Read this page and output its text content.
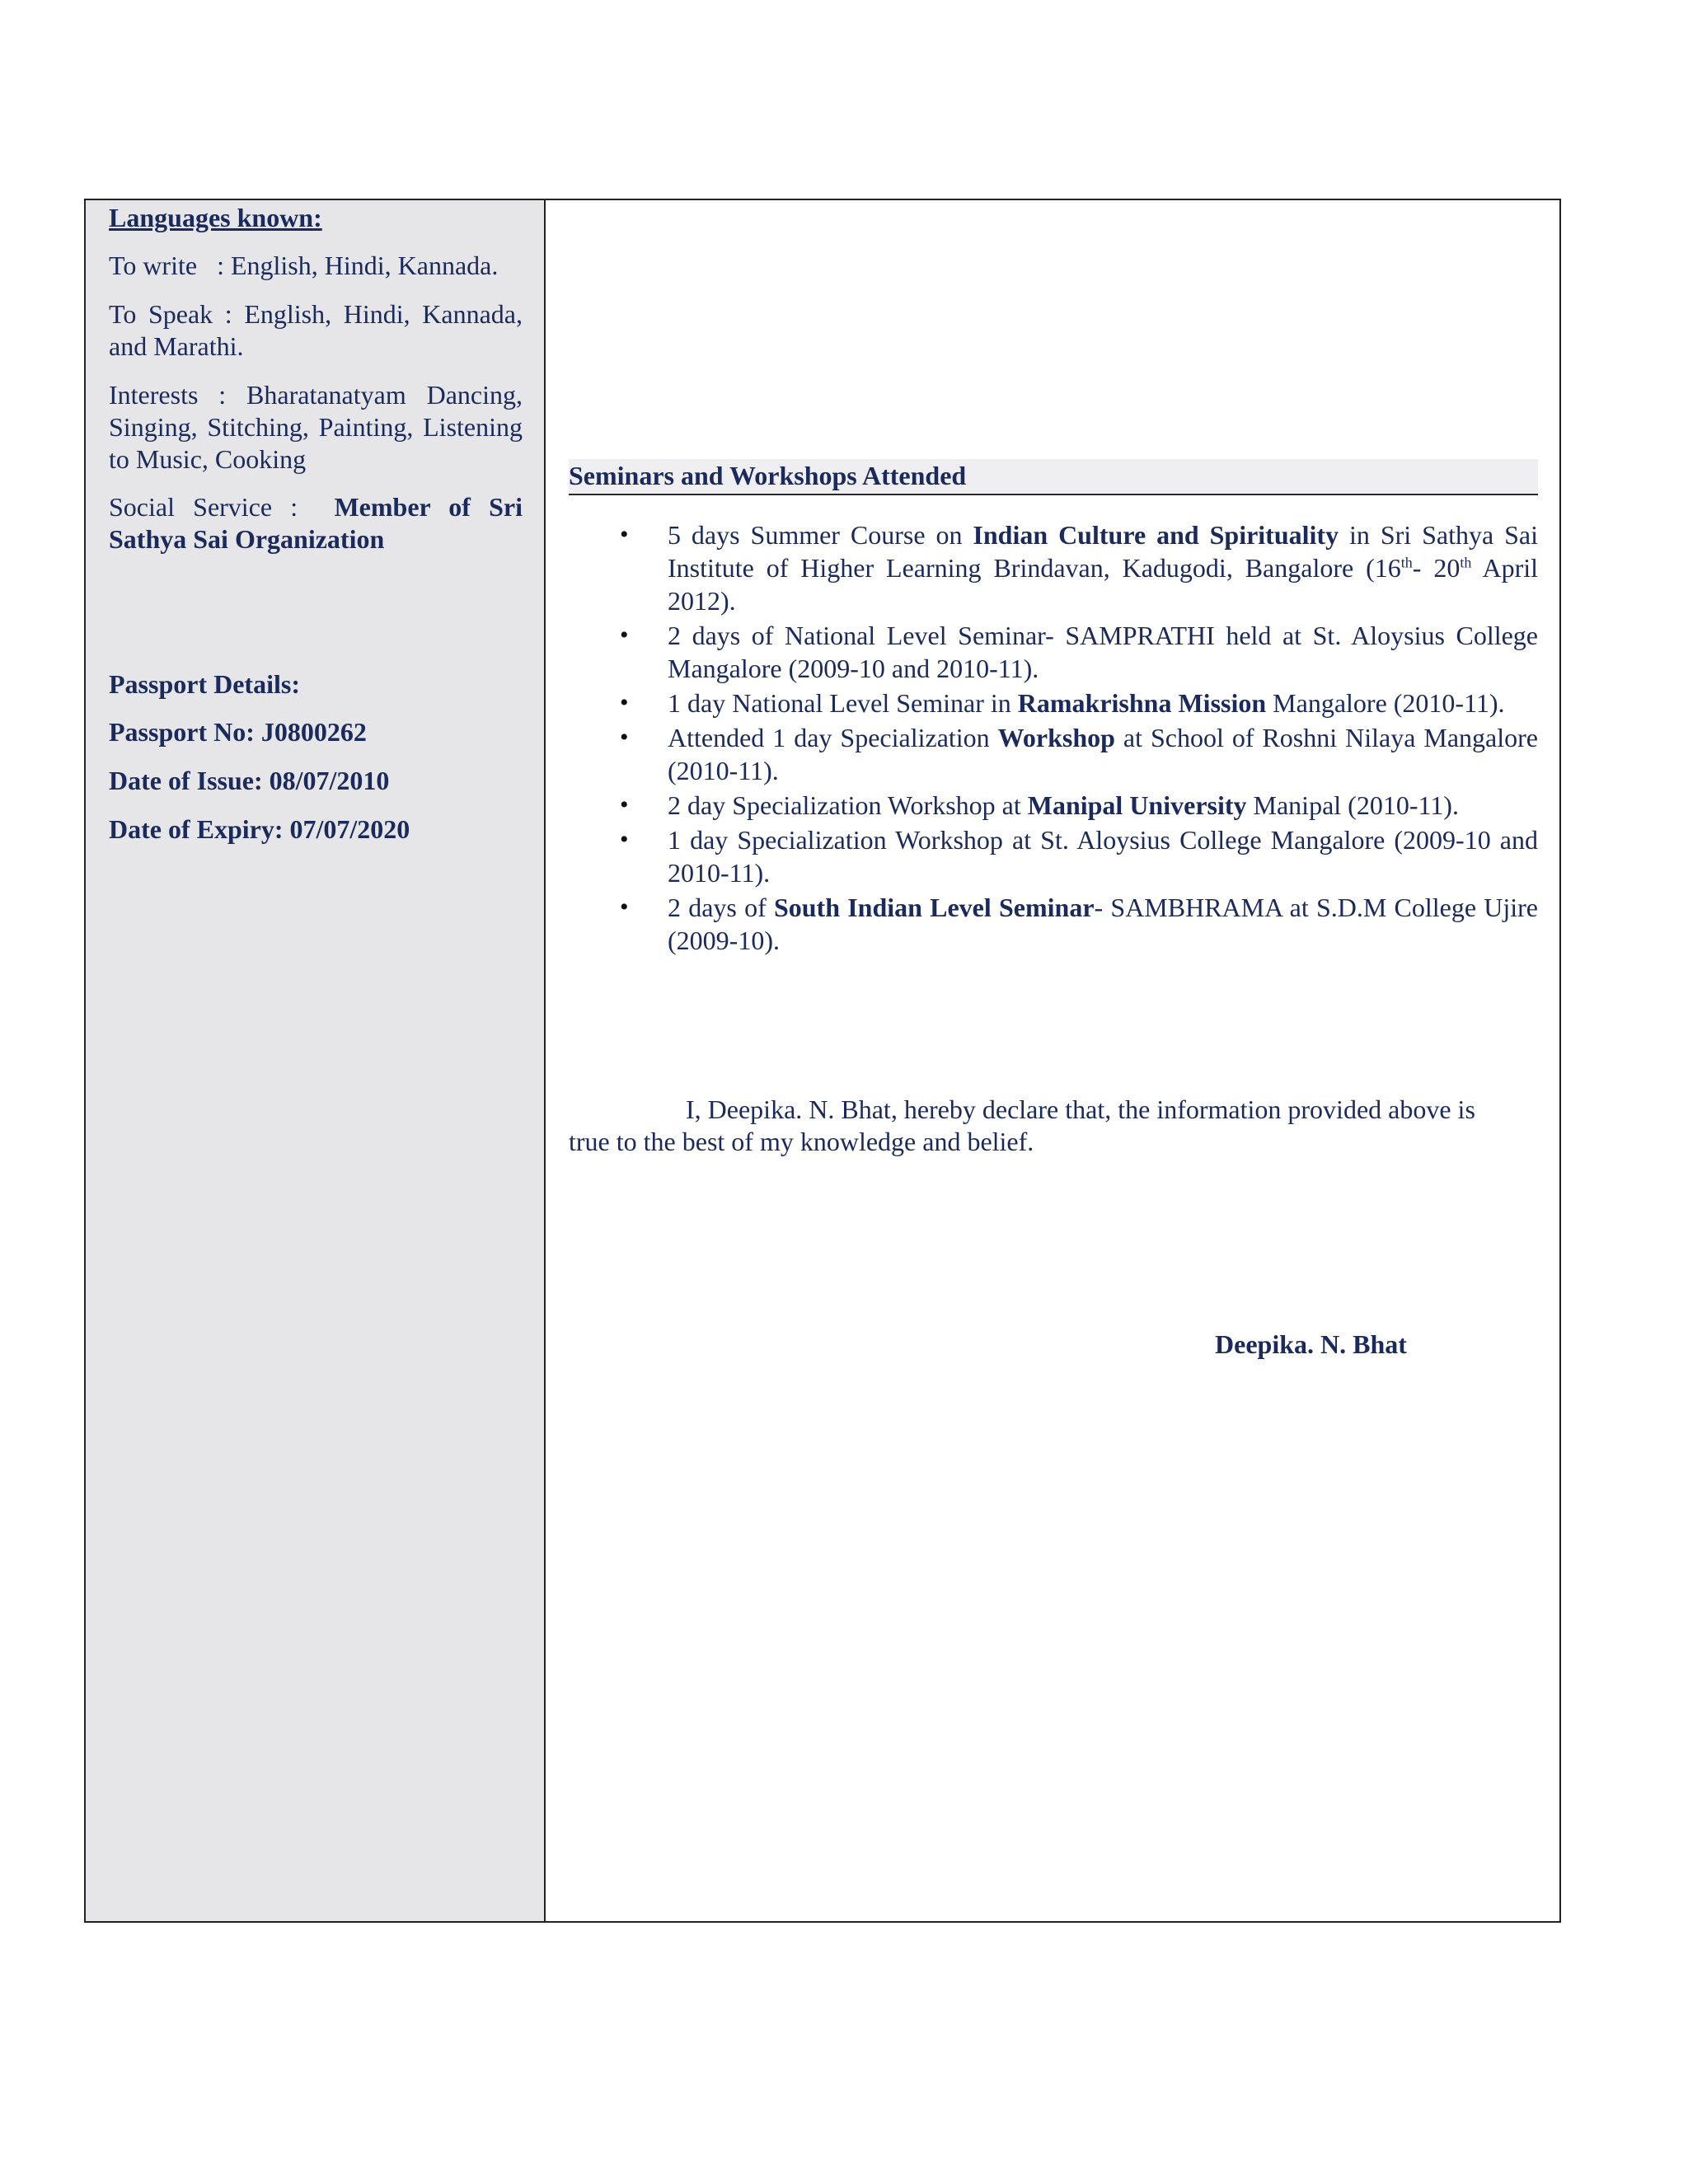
Languages known:
To write   : English, Hindi, Kannada.
To Speak : English, Hindi, Kannada, and Marathi.
Interests : Bharatanatyam Dancing, Singing, Stitching, Painting, Listening to Music, Cooking
Social Service :  Member of Sri Sathya Sai Organization
Passport Details:
Passport No: J0800262
Date of Issue: 08/07/2010
Date of Expiry: 07/07/2020
Seminars and Workshops Attended
• 5 days Summer Course on Indian Culture and Spirituality in Sri Sathya Sai Institute of Higher Learning Brindavan, Kadugodi, Bangalore (16th- 20th April 2012).
• 2 days of National Level Seminar- SAMPRATHI held at St. Aloysius College Mangalore (2009-10 and 2010-11).
• 1 day National Level Seminar in Ramakrishna Mission Mangalore (2010-11).
• Attended 1 day Specialization Workshop at School of Roshni Nilaya Mangalore (2010-11).
• 2 day Specialization Workshop at Manipal University Manipal (2010-11).
• 1 day Specialization Workshop at St. Aloysius College Mangalore (2009-10 and 2010-11).
• 2 days of South Indian Level Seminar- SAMBHRAMA at S.D.M College Ujire (2009-10).
I, Deepika. N. Bhat, hereby declare that, the information provided above is true to the best of my knowledge and belief.
Deepika. N. Bhat
